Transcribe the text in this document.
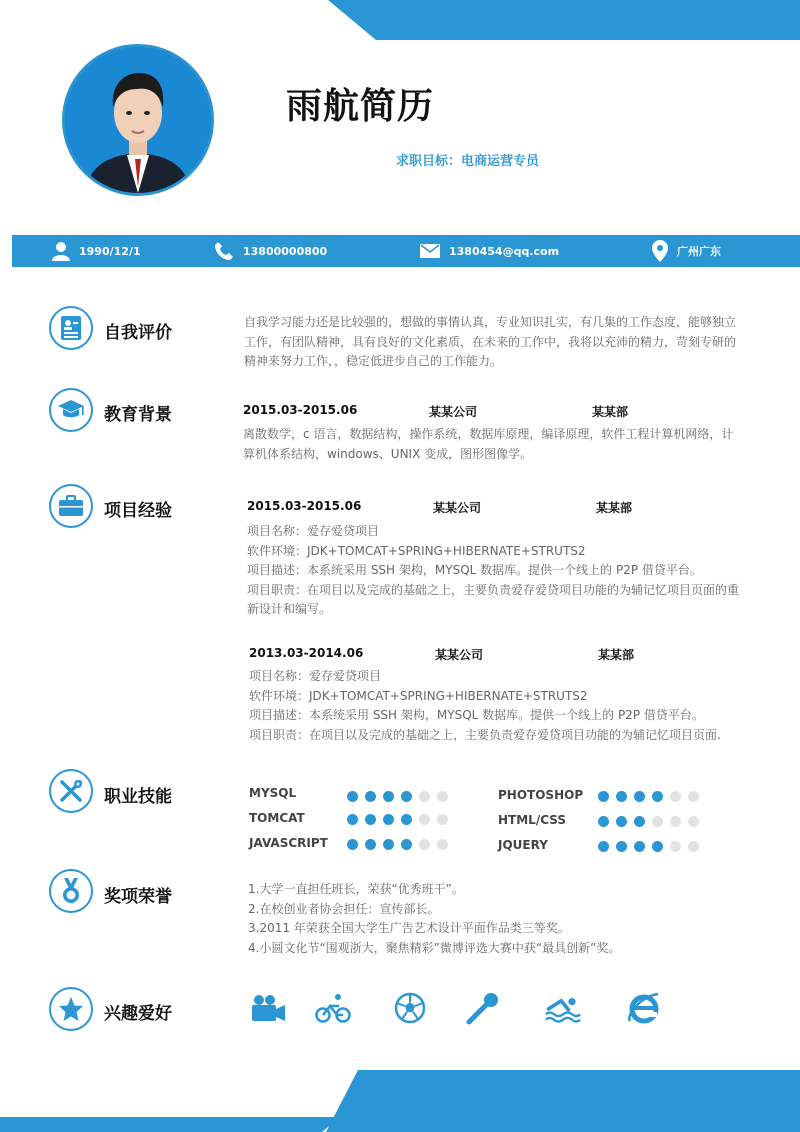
雨航简历
求职目标：电商运营专员
1990/12/1	13800000800	1380454@qq.com	广州广东
自我评价
自我学习能力还是比较强的，想做的事情认真，专业知识扎实，有几集的工作态度，能够独立
工作，有团队精神，具有良好的文化素质，在未来的工作中，我将以充沛的精力，苛刻专研的
精神来努力工作，，稳定低进步自己的工作能力。
教育背景	2015.03-2015.06	某某公司	某某部
离散数学，c 语言，数据结构，操作系统，数据库原理，编译原理，软件工程计算机网络，计
算机体系结构，windows、UNIX 变成，图形图像学。
项目经验	2015.03-2015.06	某某公司	某某部
项目名称：爱存爱贷项目
软件环境：JDK+TOMCAT+SPRING+HIBERNATE+STRUTS2
项目描述：本系统采用 SSH 架构，MYSQL 数据库。提供一个线上的 P2P 借贷平台。
项目职责：在项目以及完成的基础之上，主要负责爱存爱贷项目功能的为辅记忆项目页面的重
新设计和编写。
2013.03-2014.06	某某公司	某某部
项目名称：爱存爱贷项目
软件环境：JDK+TOMCAT+SPRING+HIBERNATE+STRUTS2
项目描述：本系统采用 SSH 架构，MYSQL 数据库。提供一个线上的 P2P 借贷平台。
项目职责：在项目以及完成的基础之上，主要负责爱存爱贷项目功能的为辅记忆项目页面.
职业技能	MYSQL	PHOTOSHOP
TOMCAT	HTML/CSS
JAVASCRIPT	JQUERY
奖项荣誉	1.大学一直担任班长，荣获“优秀班干”。
2.在校创业者协会担任：宣传部长。
3.2011 年荣获全国大学生广告艺术设计平面作品类三等奖。
4.小圆文化节“围观浙大，聚焦精彩”微博评选大赛中获“最具创新”奖。
兴趣爱好
